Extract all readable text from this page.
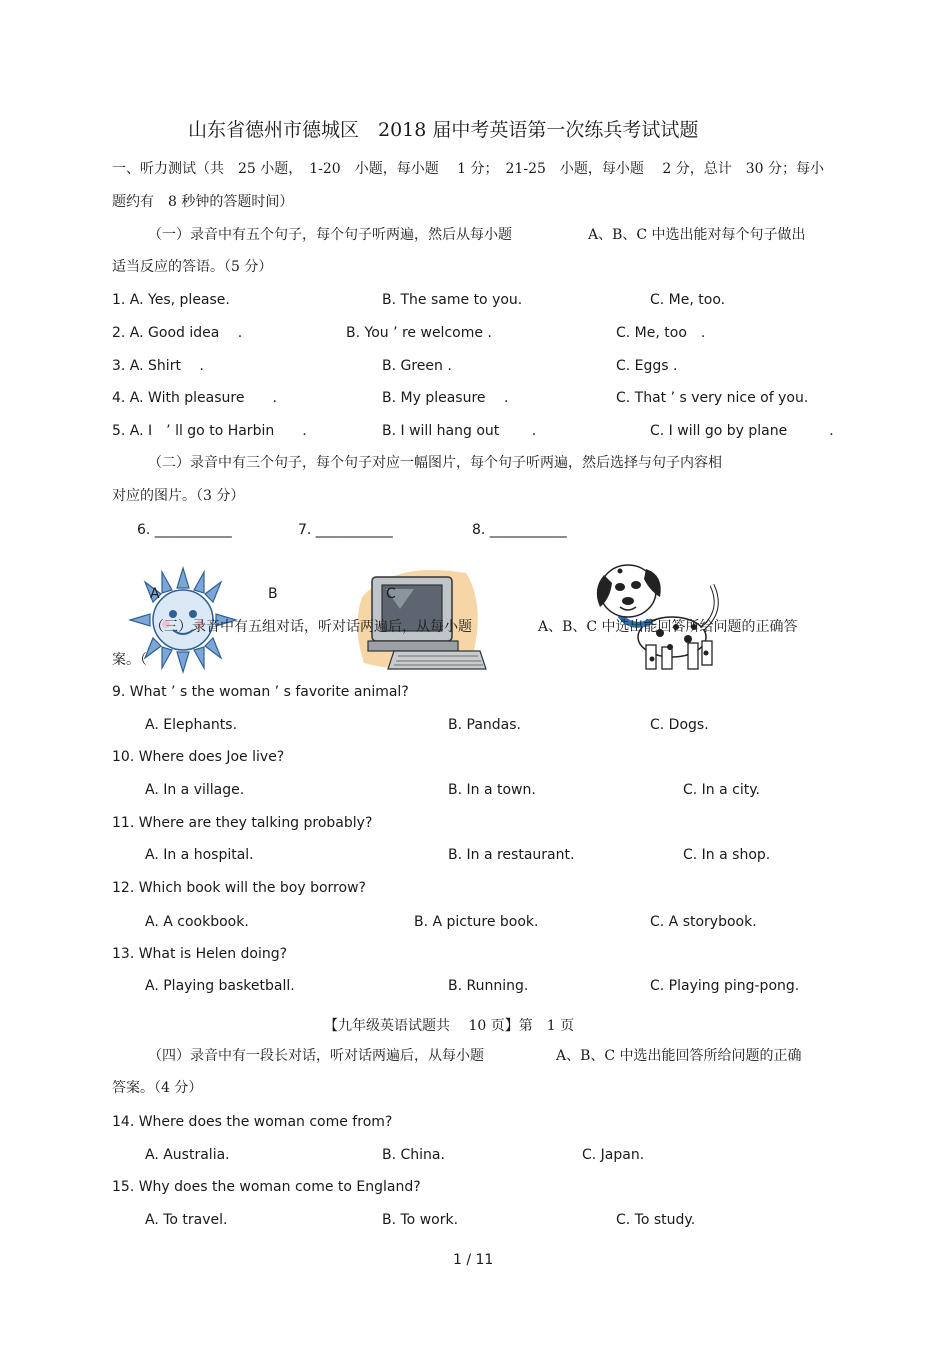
山东省德州市德城区　2018 届中考英语第一次练兵考试试题
一、听力测试（共　25 小题，　1-20　小题，每小题　 1 分；　21-25　小题，每小题　 2 分，总计　30 分；每小
题约有　8 秒钟的答题时间）
（一）录音中有五个句子，每个句子听两遍，然后从每小题	A、B、C 中选出能对每个句子做出
适当反应的答语。（5 分）
1. A. Yes, please.	B. The same to you.	C. Me, too.
2. A. Good idea　 .	B. You ’ re welcome .	C. Me, too　.
3. A. Shirt　 .	B. Green .	C. Eggs .
4. A. With pleasure　　.	B. My pleasure　 .	C. That ’ s very nice of you.
5. A. I　’ ll go to Harbin　　.	B. I will hang out　　 .	C. I will go by plane　　　.
（二）录音中有三个句子，每个句子对应一幅图片，每个句子听两遍，然后选择与句子内容相
对应的图片。（3 分）
6. ___________	7. ___________	8. ___________
A	B	C
（三）录音中有五组对话，听对话两遍后，从每小题	A、B、C 中选出能回答所给问题的正确答
案。（
9. What ’ s the woman ’ s favorite animal?
A. Elephants.	B. Pandas.	C. Dogs.
10. Where does Joe live?
A. In a village.	B. In a town.	C. In a city.
11. Where are they talking probably?
A. In a hospital.	B. In a restaurant.	C. In a shop.
12. Which book will the boy borrow?
A. A cookbook.	B. A picture book.	C. A storybook.
13. What is Helen doing?
A. Playing basketball.	B. Running.	C. Playing ping-pong.
【九年级英语试题共　 10 页】第　1 页
（四）录音中有一段长对话，听对话两遍后，从每小题	A、B、C 中选出能回答所给问题的正确
答案。（4 分）
14. Where does the woman come from?
A. Australia.	B. China.	C. Japan.
15. Why does the woman come to England?
A. To travel.	B. To work.	C. To study.
1 / 11
